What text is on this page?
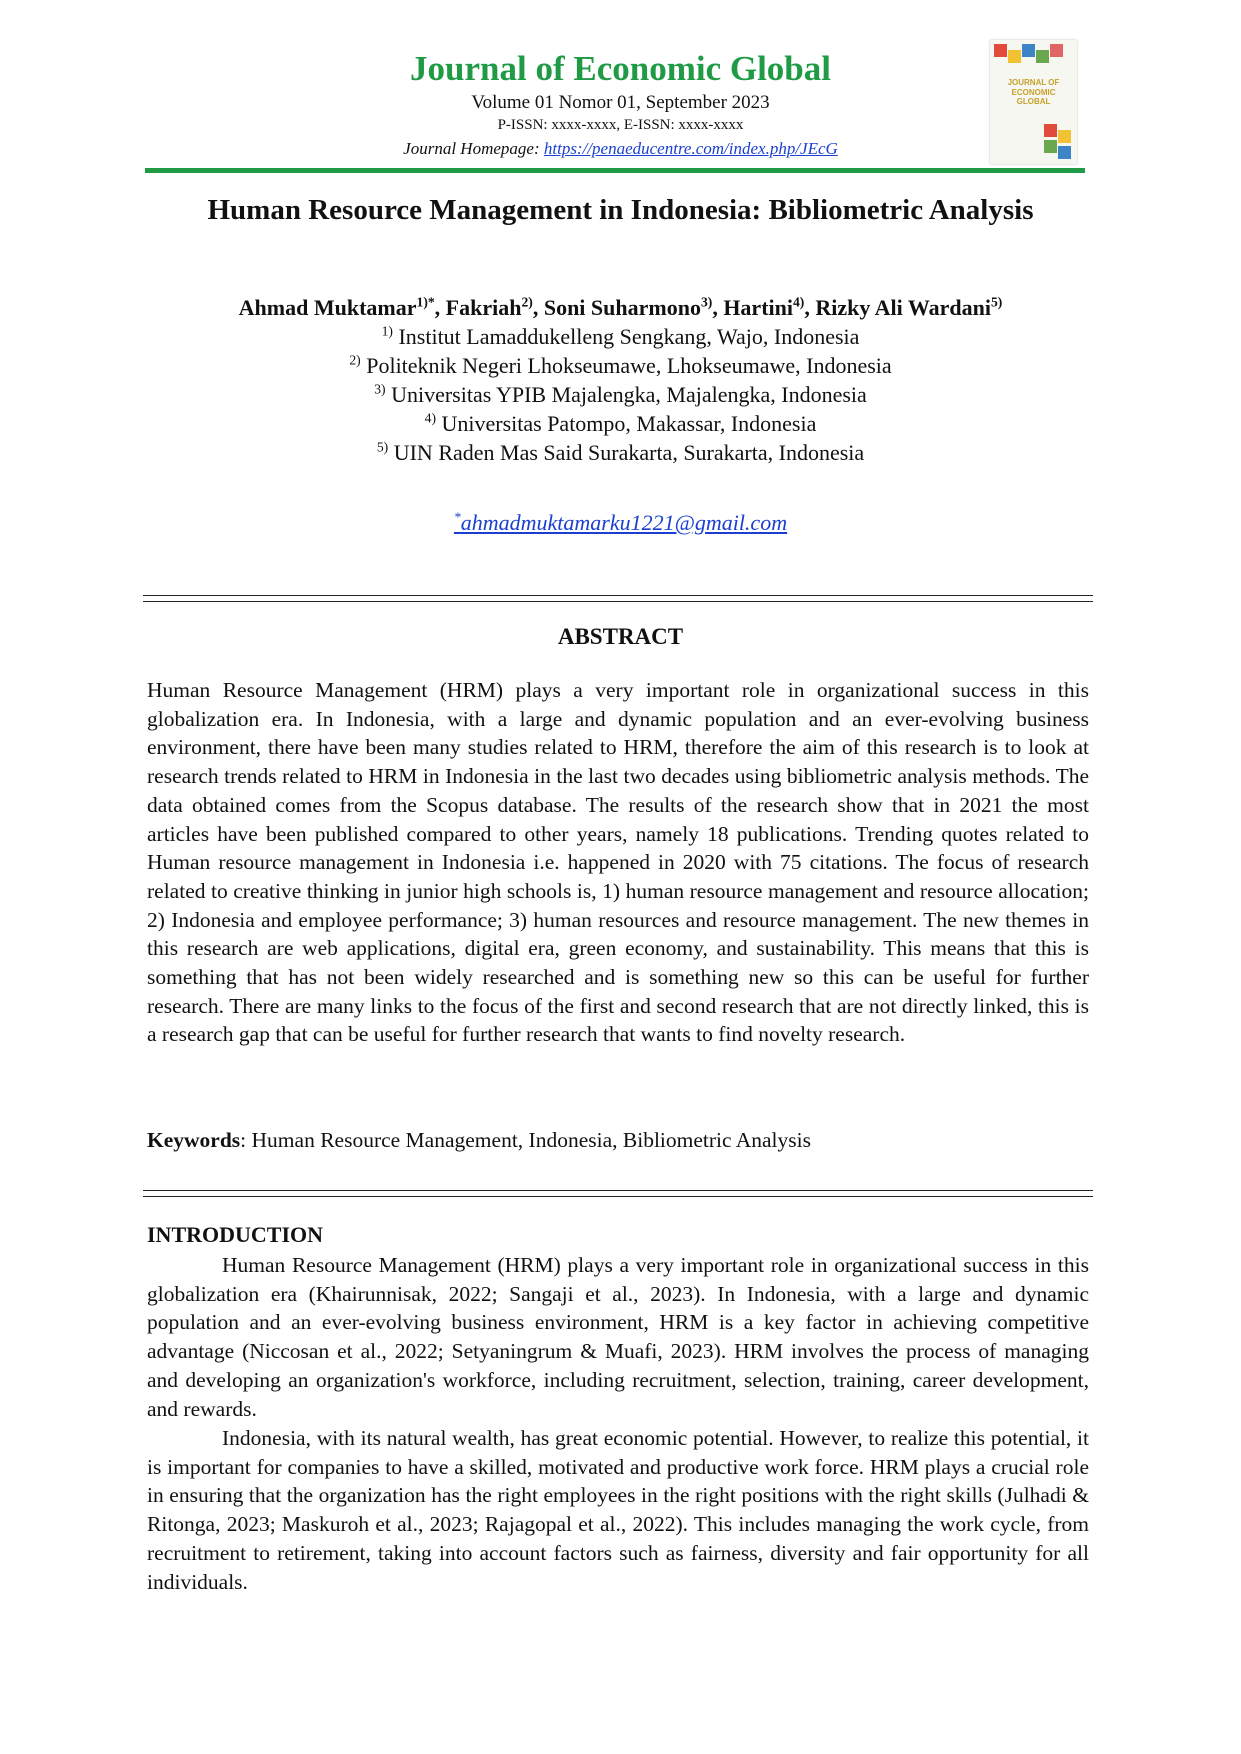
Journal of Economic Global
Volume 01 Nomor 01, September 2023
P-ISSN: xxxx-xxxx, E-ISSN: xxxx-xxxx
Journal Homepage: https://penaeducentre.com/index.php/JEcG
JOURNAL OF ECONOMIC GLOBAL
Human Resource Management in Indonesia: Bibliometric Analysis
Ahmad Muktamar$^{1)*}$, Fakriah$^{2)}$, Soni Suharmono$^{3)}$, Hartini$^{4)}$, Rizky Ali Wardani$^{5)}$
$^{1)}$ Institut Lamaddukelleng Sengkang, Wajo, Indonesia
$^{2)}$ Politeknik Negeri Lhokseumawe, Lhokseumawe, Indonesia
$^{3)}$ Universitas YPIB Majalengka, Majalengka, Indonesia
$^{4)}$ Universitas Patompo, Makassar, Indonesia
$^{5)}$ UIN Raden Mas Said Surakarta, Surakarta, Indonesia
*ahmadmuktamarku1221@gmail.com
ABSTRACT
Human Resource Management (HRM) plays a very important role in organizational success in this globalization era. In Indonesia, with a large and dynamic population and an ever-evolving business environment, there have been many studies related to HRM, therefore the aim of this research is to look at research trends related to HRM in Indonesia in the last two decades using bibliometric analysis methods. The data obtained comes from the Scopus database. The results of the research show that in 2021 the most articles have been published compared to other years, namely 18 publications. Trending quotes related to Human resource management in Indonesia i.e. happened in 2020 with 75 citations. The focus of research related to creative thinking in junior high schools is, 1) human resource management and resource allocation; 2) Indonesia and employee performance; 3) human resources and resource management. The new themes in this research are web applications, digital era, green economy, and sustainability. This means that this is something that has not been widely researched and is something new so this can be useful for further research. There are many links to the focus of the first and second research that are not directly linked, this is a research gap that can be useful for further research that wants to find novelty research.
Keywords: Human Resource Management, Indonesia, Bibliometric Analysis
INTRODUCTION
Human Resource Management (HRM) plays a very important role in organizational success in this globalization era (Khairunnisak, 2022; Sangaji et al., 2023). In Indonesia, with a large and dynamic population and an ever-evolving business environment, HRM is a key factor in achieving competitive advantage (Niccosan et al., 2022; Setyaningrum & Muafi, 2023). HRM involves the process of managing and developing an organization's workforce, including recruitment, selection, training, career development, and rewards.
Indonesia, with its natural wealth, has great economic potential. However, to realize this potential, it is important for companies to have a skilled, motivated and productive work force. HRM plays a crucial role in ensuring that the organization has the right employees in the right positions with the right skills (Julhadi & Ritonga, 2023; Maskuroh et al., 2023; Rajagopal et al., 2022). This includes managing the work cycle, from recruitment to retirement, taking into account factors such as fairness, diversity and fair opportunity for all individuals.
